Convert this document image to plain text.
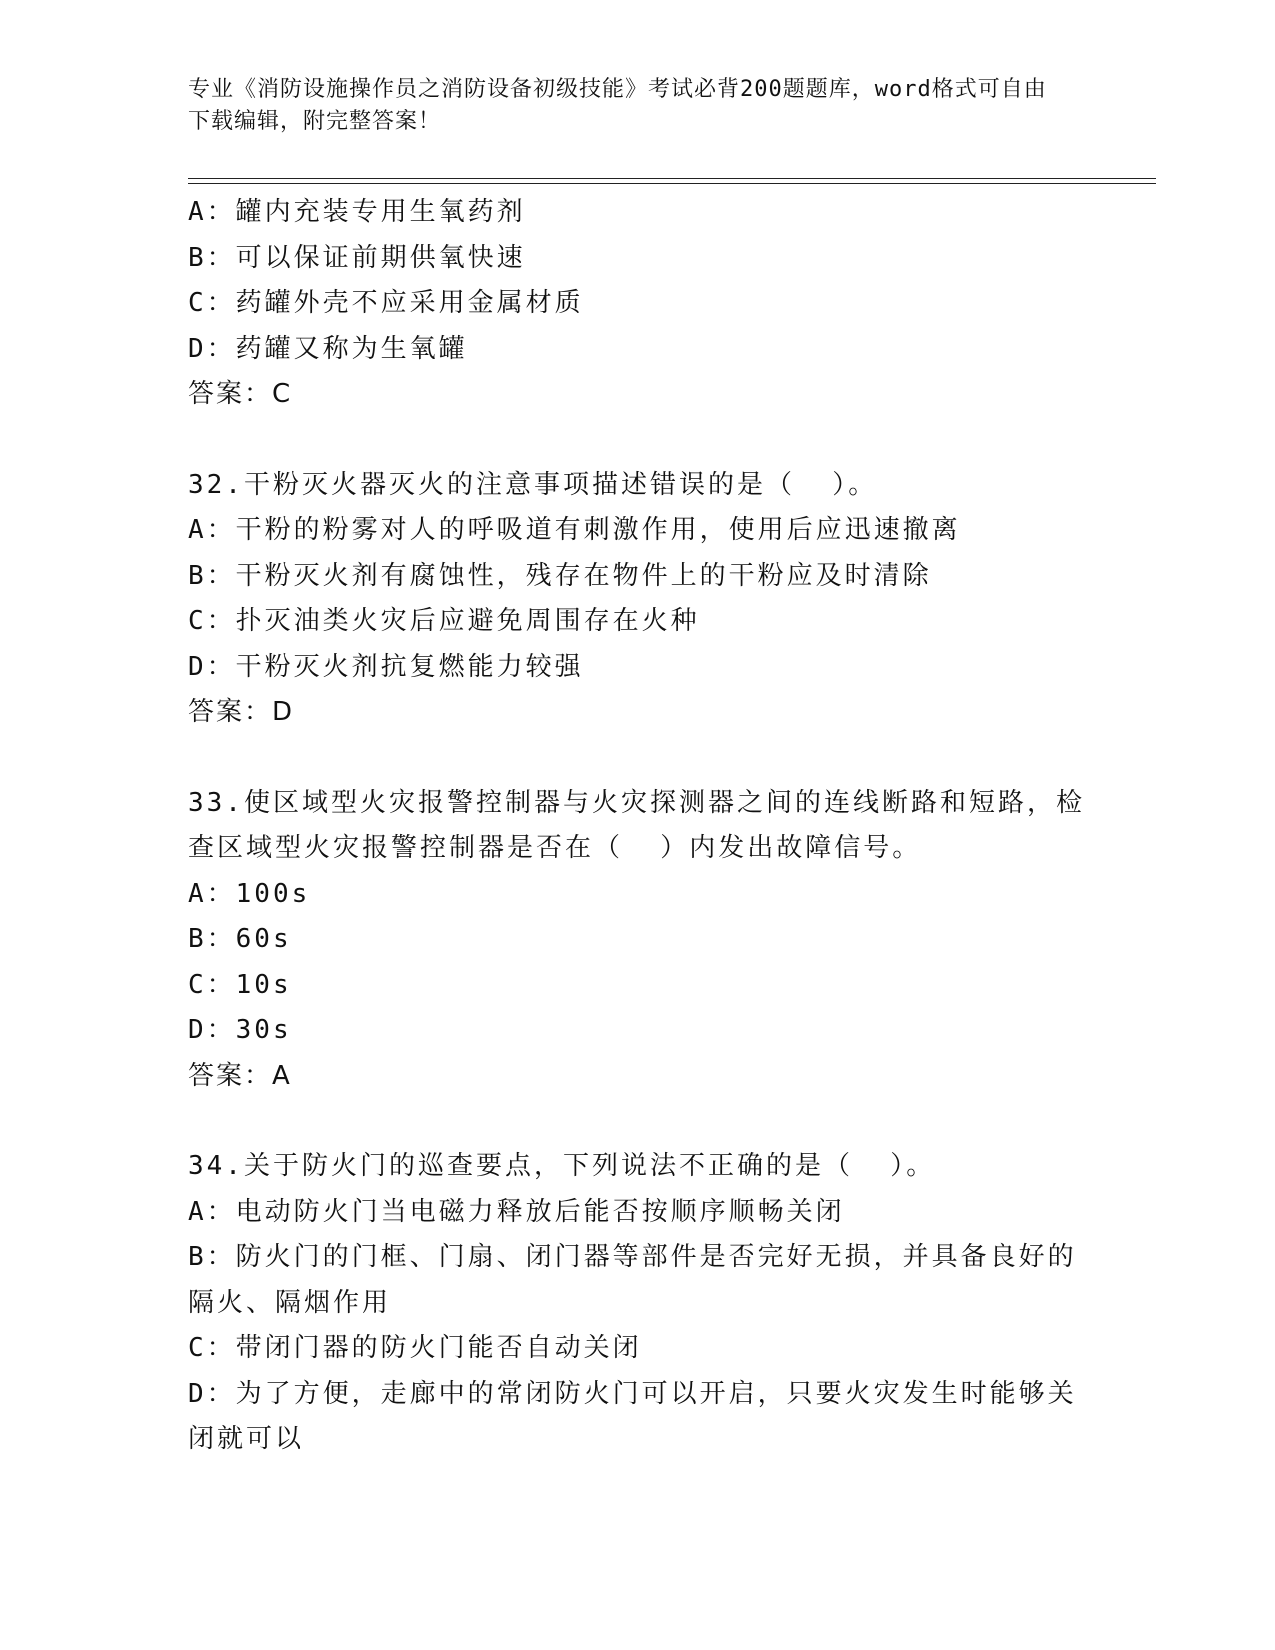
专业《消防设施操作员之消防设备初级技能》考试必背200题题库，word格式可自由下载编辑，附完整答案！

A：罐内充装专用生氧药剂

B：可以保证前期供氧快速

C：药罐外壳不应采用金属材质

D：药罐又称为生氧罐

答案：C

32.干粉灭火器灭火的注意事项描述错误的是（  ）。

A：干粉的粉雾对人的呼吸道有刺激作用，使用后应迅速撤离

B：干粉灭火剂有腐蚀性，残存在物件上的干粉应及时清除

C：扑灭油类火灾后应避免周围存在火种

D：干粉灭火剂抗复燃能力较强

答案：D

33.使区域型火灾报警控制器与火灾探测器之间的连线断路和短路，检

查区域型火灾报警控制器是否在（  ）内发出故障信号。

A：100s

B：60s

C：10s

D：30s

答案：A

34.关于防火门的巡查要点，下列说法不正确的是（  ）。

A：电动防火门当电磁力释放后能否按顺序顺畅关闭

B：防火门的门框、门扇、闭门器等部件是否完好无损，并具备良好的

隔火、隔烟作用

C：带闭门器的防火门能否自动关闭

D：为了方便，走廊中的常闭防火门可以开启，只要火灾发生时能够关

闭就可以
